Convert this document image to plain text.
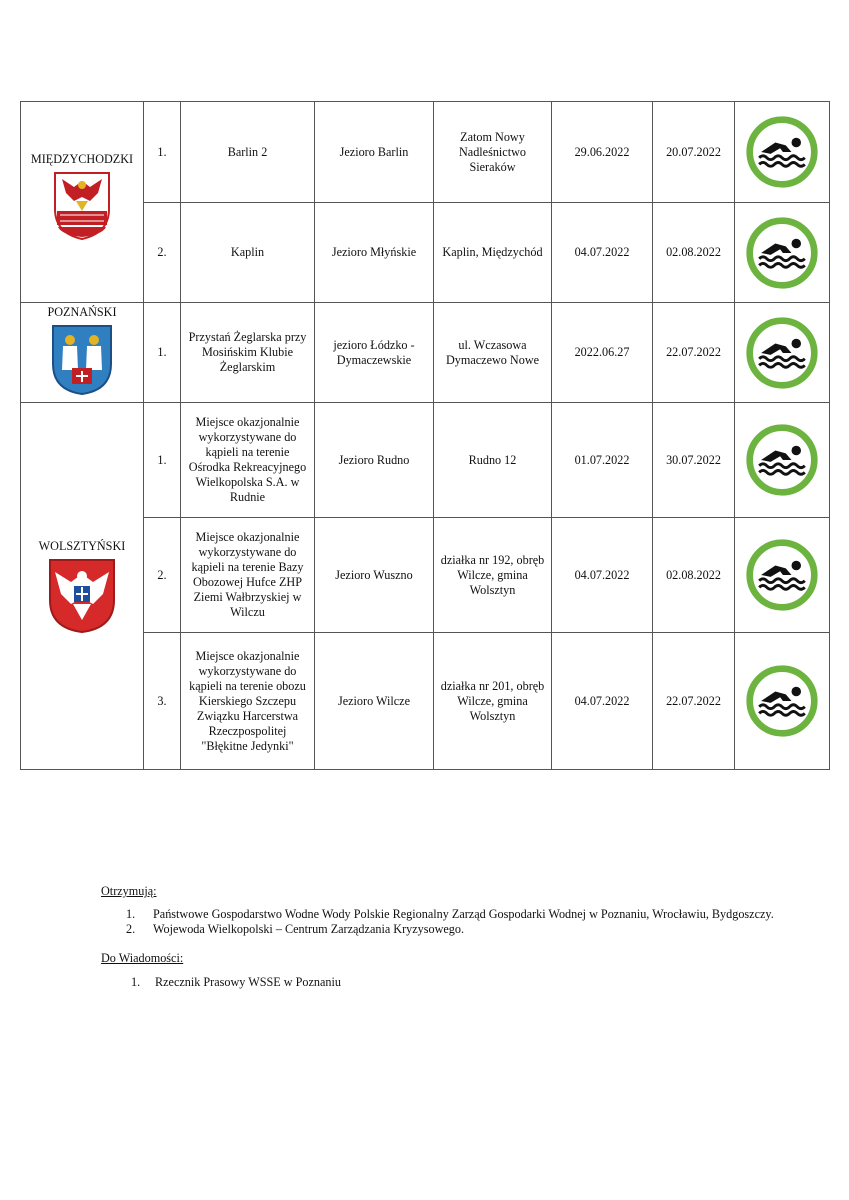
MIĘDZYCHODZKI	1.	Barlin 2	Jezioro Barlin	Zatom Nowy Nadleśnictwo Sieraków	29.06.2022	20.07.2022	

	2.	Kaplin	Jezioro Młyńskie	Kaplin, Międzychód	04.07.2022	02.08.2022	

POZNAŃSKI	1.	Przystań Żeglarska przy Mosińskim Klubie Żeglarskim	jezioro Łódzko - Dymaczewskie	ul. Wczasowa Dymaczewo Nowe	2022.06.27	22.07.2022	

WOLSZTYŃSKI	1.	Miejsce okazjonalnie wykorzystywane do kąpieli na terenie Ośrodka Rekreacyjnego Wielkopolska S.A. w Rudnie	Jezioro Rudno	Rudno 12	01.07.2022	30.07.2022	

	2.	Miejsce okazjonalnie wykorzystywane do kąpieli na terenie Bazy Obozowej Hufce ZHP Ziemi Wałbrzyskiej w Wilczu	Jezioro Wuszno	działka nr 192, obręb Wilcze, gmina Wolsztyn	04.07.2022	02.08.2022	

	3.	Miejsce okazjonalnie wykorzystywane do kąpieli na terenie obozu Kierskiego Szczepu Związku Harcerstwa Rzeczpospolitej "Błękitne Jedynki"	Jezioro Wilcze	działka nr 201, obręb Wilcze, gmina Wolsztyn	04.07.2022	22.07.2022	
Otrzymują:
1. Państwowe Gospodarstwo Wodne Wody Polskie Regionalny Zarząd Gospodarki Wodnej w Poznaniu, Wrocławiu, Bydgoszczy.
2. Wojewoda Wielkopolski – Centrum Zarządzania Kryzysowego.
Do Wiadomości:
1. Rzecznik Prasowy WSSE w Poznaniu
